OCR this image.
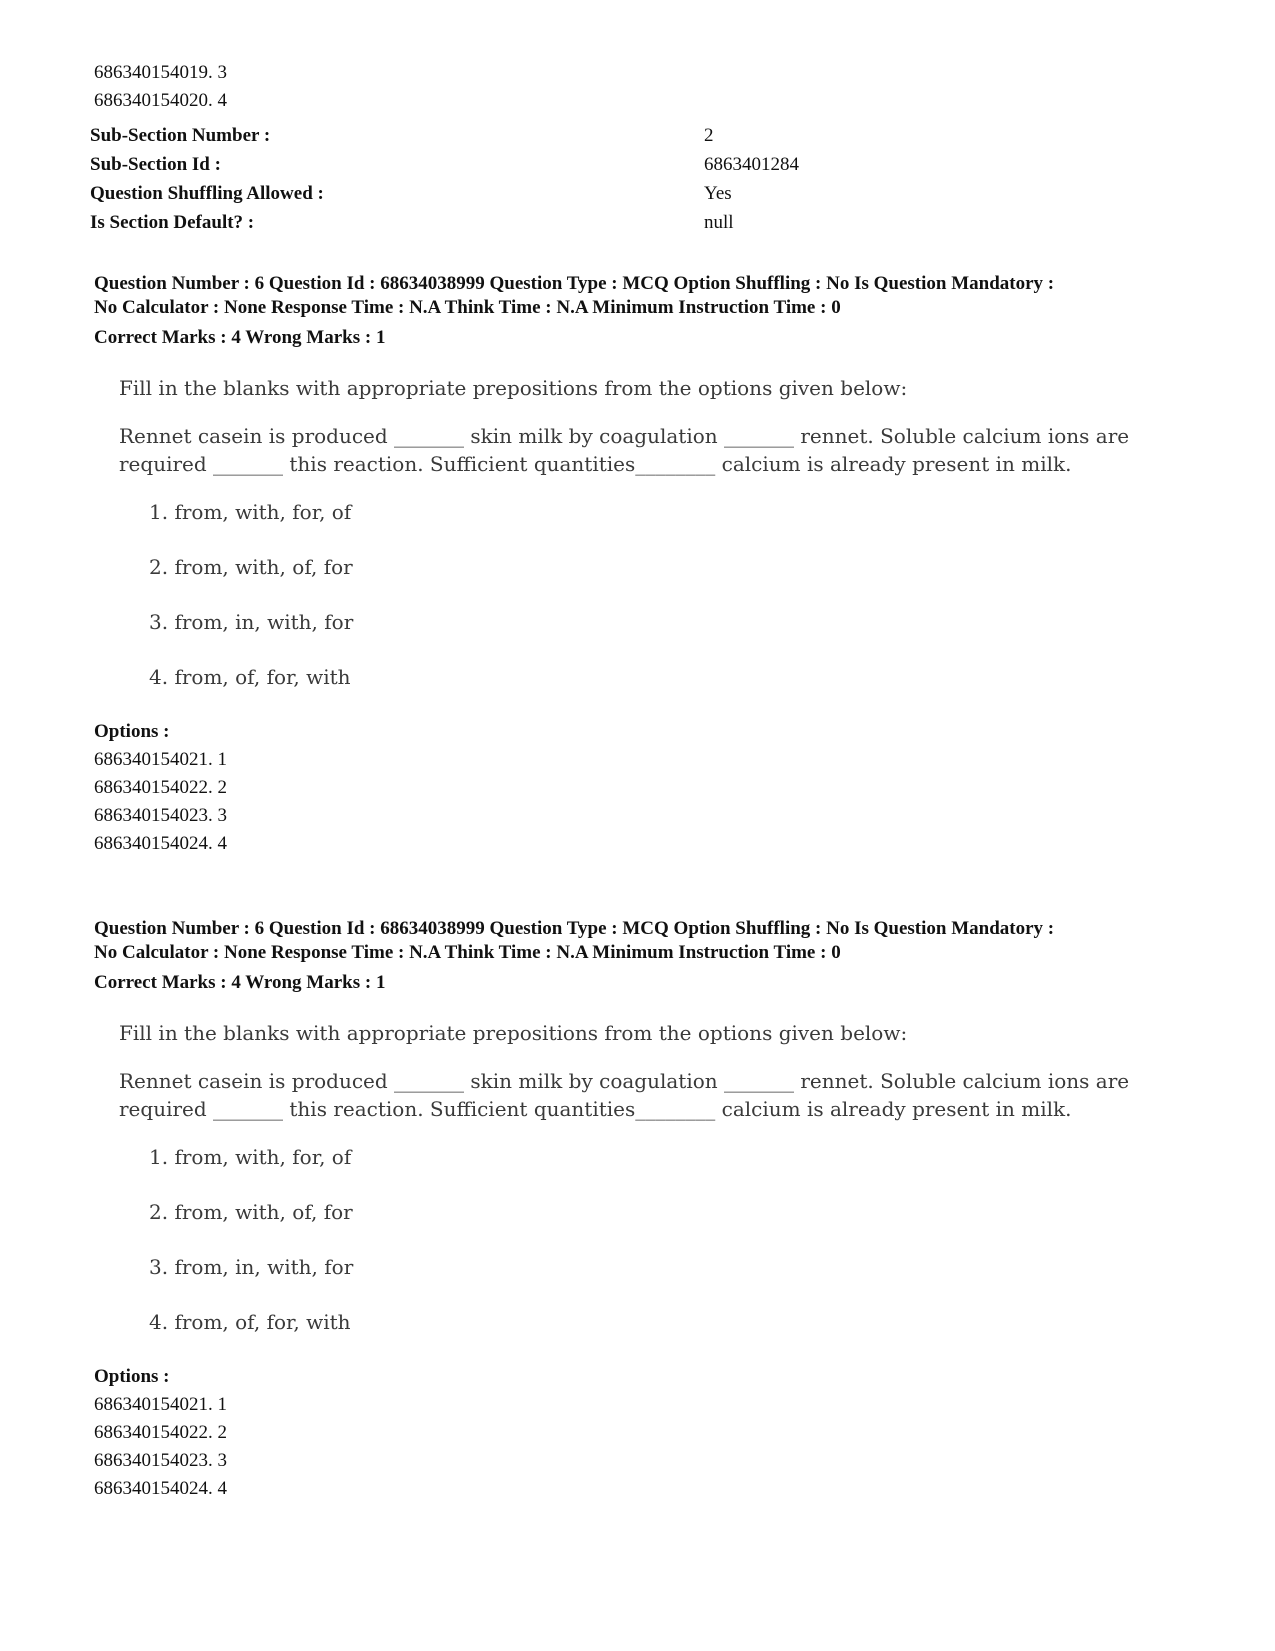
686340154019. 3
686340154020. 4
Sub-Section Number :	2
Sub-Section Id :	6863401284
Question Shuffling Allowed :	Yes
Is Section Default? :	null
Question Number : 6 Question Id : 68634038999 Question Type : MCQ Option Shuffling : No Is Question Mandatory :
No Calculator : None Response Time : N.A Think Time : N.A Minimum Instruction Time : 0
Correct Marks : 4 Wrong Marks : 1
Fill in the blanks with appropriate prepositions from the options given below:
Rennet casein is produced _______ skin milk by coagulation _______ rennet. Soluble calcium ions are
required _______ this reaction. Sufficient quantities________ calcium is already present in milk.
1. from, with, for, of
2. from, with, of, for
3. from, in, with, for
4. from, of, for, with
Options :
686340154021. 1
686340154022. 2
686340154023. 3
686340154024. 4
Question Number : 6 Question Id : 68634038999 Question Type : MCQ Option Shuffling : No Is Question Mandatory :
No Calculator : None Response Time : N.A Think Time : N.A Minimum Instruction Time : 0
Correct Marks : 4 Wrong Marks : 1
Fill in the blanks with appropriate prepositions from the options given below:
Rennet casein is produced _______ skin milk by coagulation _______ rennet. Soluble calcium ions are
required _______ this reaction. Sufficient quantities________ calcium is already present in milk.
1. from, with, for, of
2. from, with, of, for
3. from, in, with, for
4. from, of, for, with
Options :
686340154021. 1
686340154022. 2
686340154023. 3
686340154024. 4
